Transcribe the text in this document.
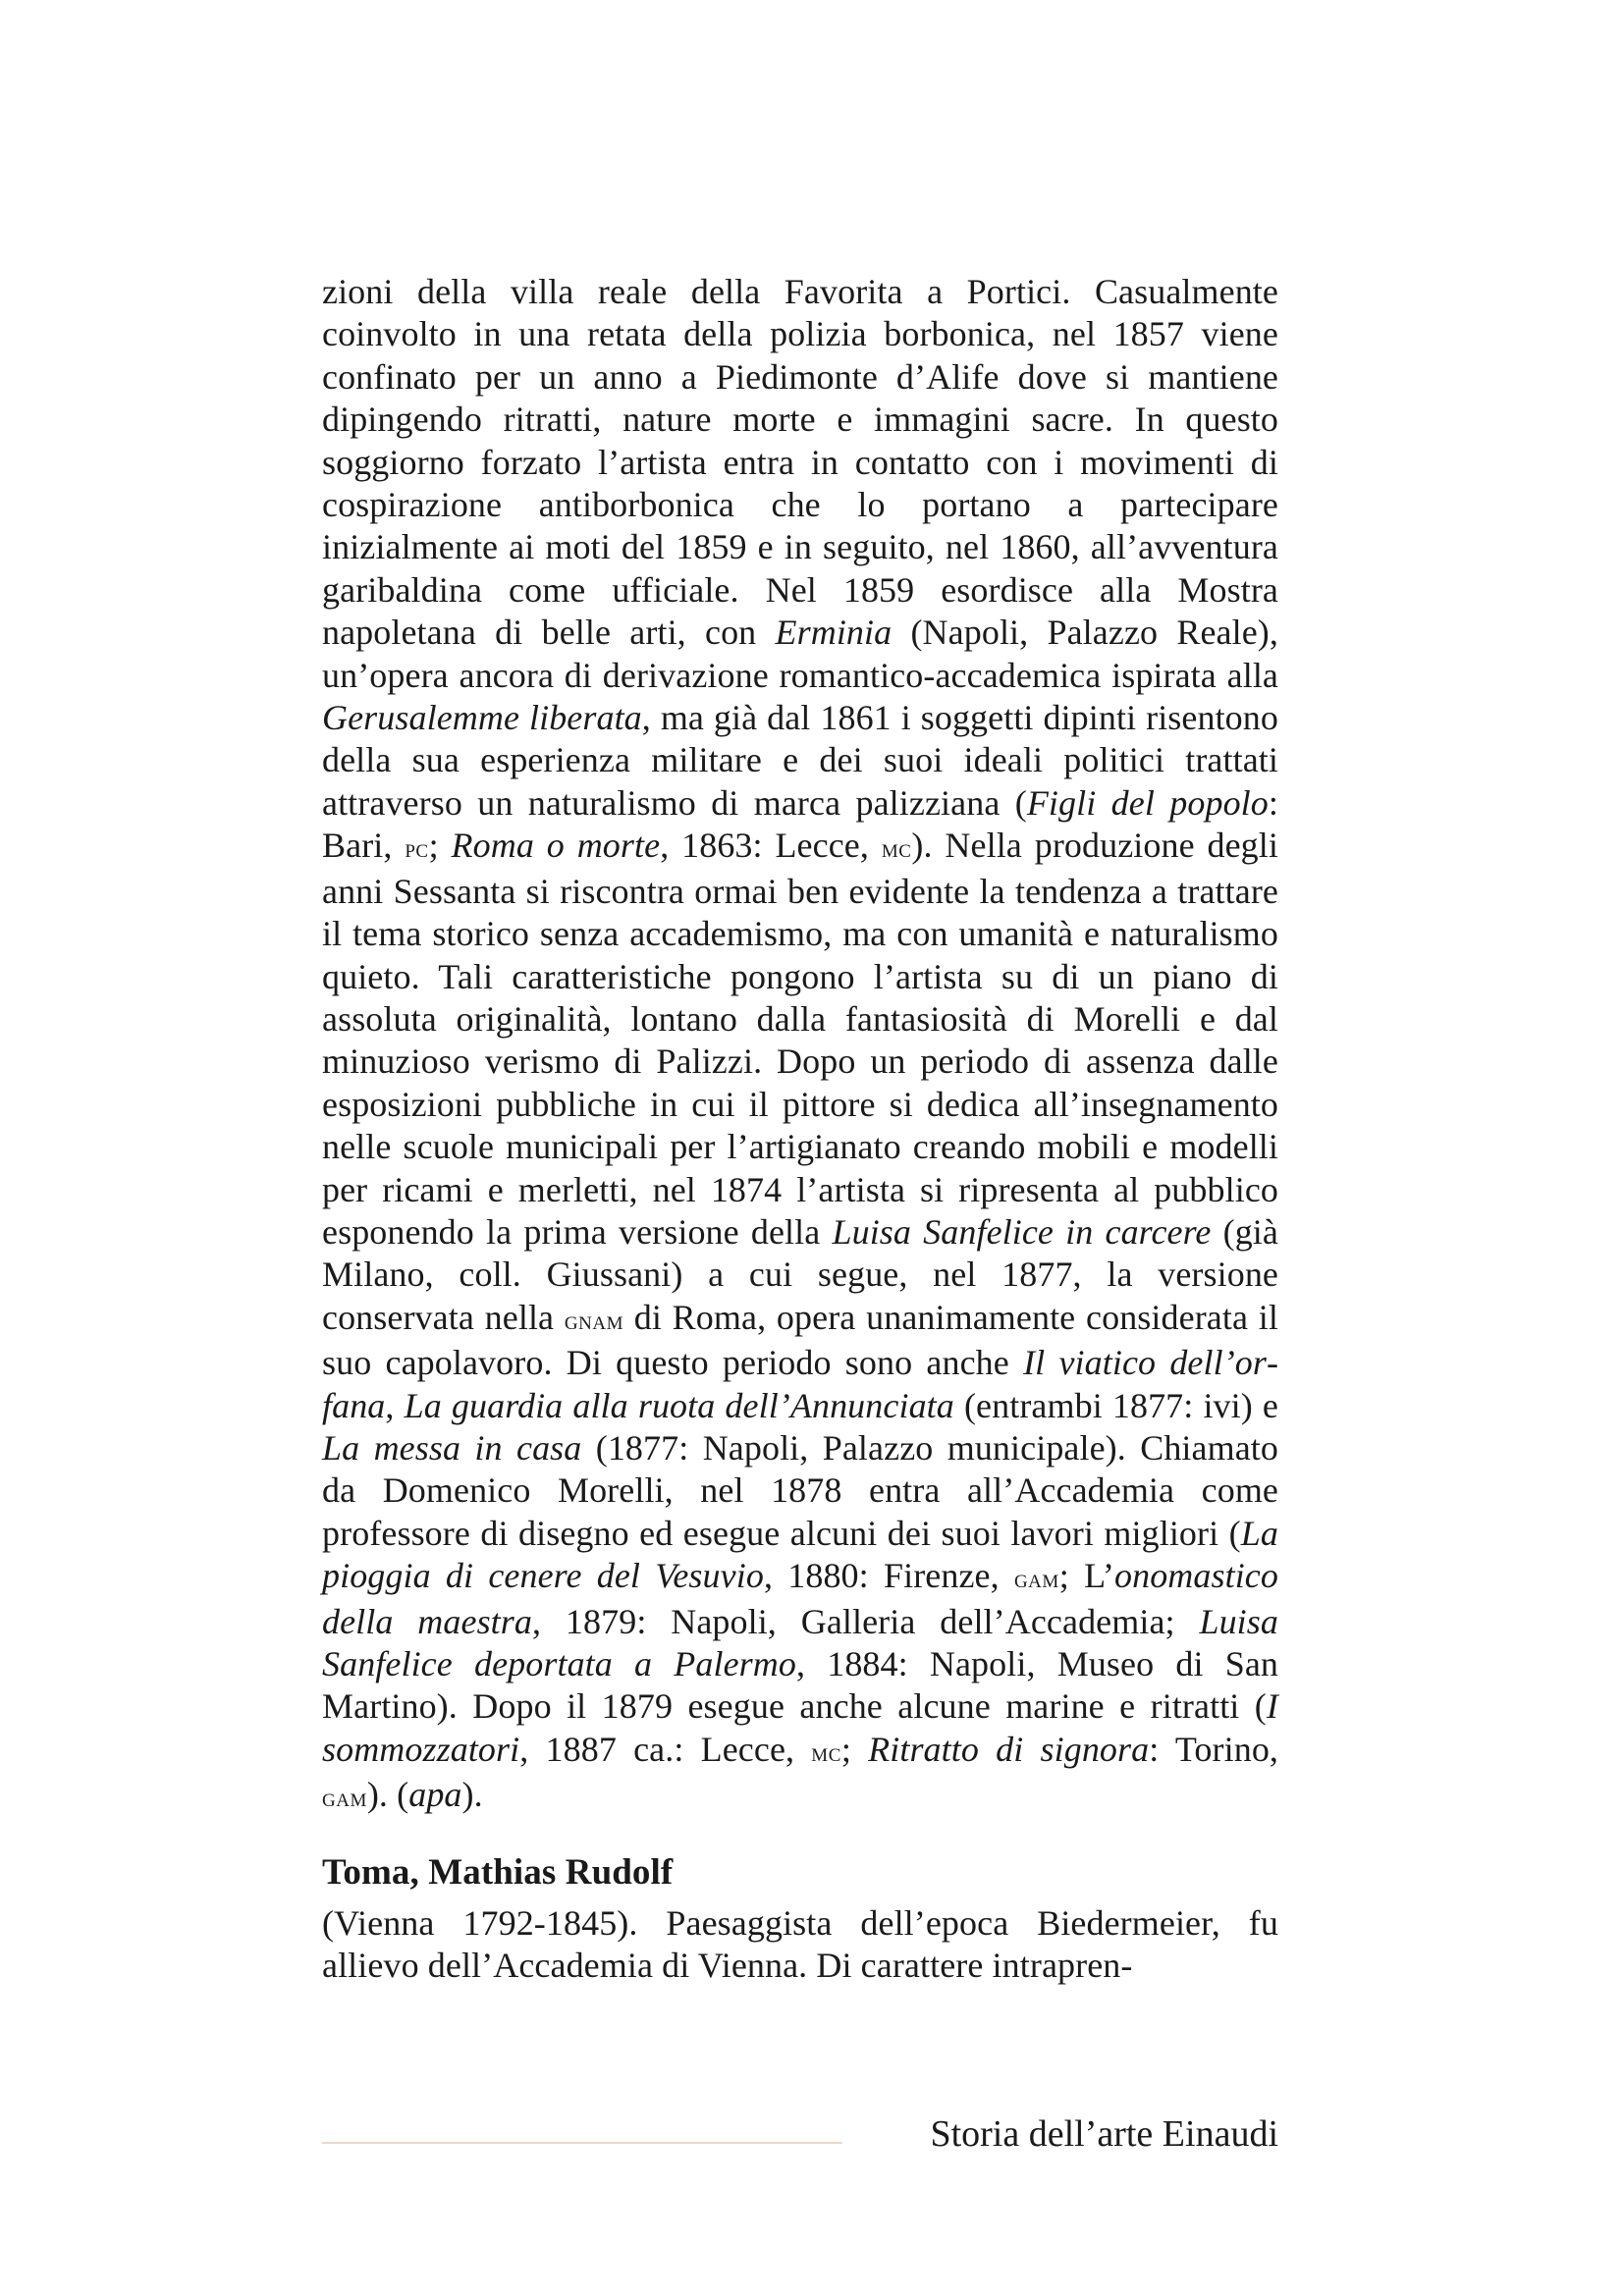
zioni della villa reale della Favorita a Portici. Casualmente coinvolto in una retata della polizia borbonica, nel 1857 viene confinato per un anno a Piedimonte d’Alife dove si mantiene dipingendo ritratti, nature morte e immagini sacre. In questo soggiorno forzato l’artista entra in contatto con i movimenti di cospirazione antiborbonica che lo portano a partecipare inizialmente ai moti del 1859 e in seguito, nel 1860, all’avventura garibaldina come ufficiale. Nel 1859 esordisce alla Mostra napoletana di belle arti, con Erminia (Napoli, Palazzo Reale), un’opera ancora di derivazione romantico-accademica ispirata alla Gerusalemme liberata, ma già dal 1861 i soggetti dipinti risentono della sua esperienza militare e dei suoi ideali politici trattati attraverso un naturalismo di marca palizziana (Figli del popolo: Bari, pc; Roma o morte, 1863: Lecce, mc). Nella produzione degli anni Sessanta si riscontra ormai ben evidente la tendenza a trattare il tema storico senza accademismo, ma con umanità e naturalismo quieto. Tali caratteristiche pongono l’artista su di un piano di assoluta originalità, lontano dalla fantasiosità di Morelli e dal minuzioso verismo di Palizzi. Dopo un periodo di assenza dalle esposizioni pubbliche in cui il pittore si dedica all’insegnamento nelle scuole municipali per l’artigianato creando mobili e modelli per ricami e merletti, nel 1874 l’artista si ripresenta al pubblico esponendo la prima versione della Luisa Sanfelice in carcere (già Milano, coll. Giussani) a cui segue, nel 1877, la versione conservata nella gnam di Roma, opera unanimamente considerata il suo capolavoro. Di questo periodo sono anche Il viatico dell’orfana, La guardia alla ruota dell’Annunciata (entrambi 1877: ivi) e La messa in casa (1877: Napoli, Palazzo municipale). Chiamato da Domenico Morelli, nel 1878 entra all’Accademia come professore di disegno ed esegue alcuni dei suoi lavori migliori (La pioggia di cenere del Vesuvio, 1880: Firenze, gam; L’onomastico della maestra, 1879: Napoli, Galleria dell’Accademia; Luisa Sanfelice deportata a Palermo, 1884: Napoli, Museo di San Martino). Dopo il 1879 esegue anche alcune marine e ritratti (I sommozzatori, 1887 ca.: Lecce, mc; Ritratto di signora: Torino, gam). (apa).

Toma, Mathias Rudolf

(Vienna 1792-1845). Paesaggista dell’epoca Biedermeier, fu allievo dell’Accademia di Vienna. Di carattere intrapren-

Storia dell’arte Einaudi
